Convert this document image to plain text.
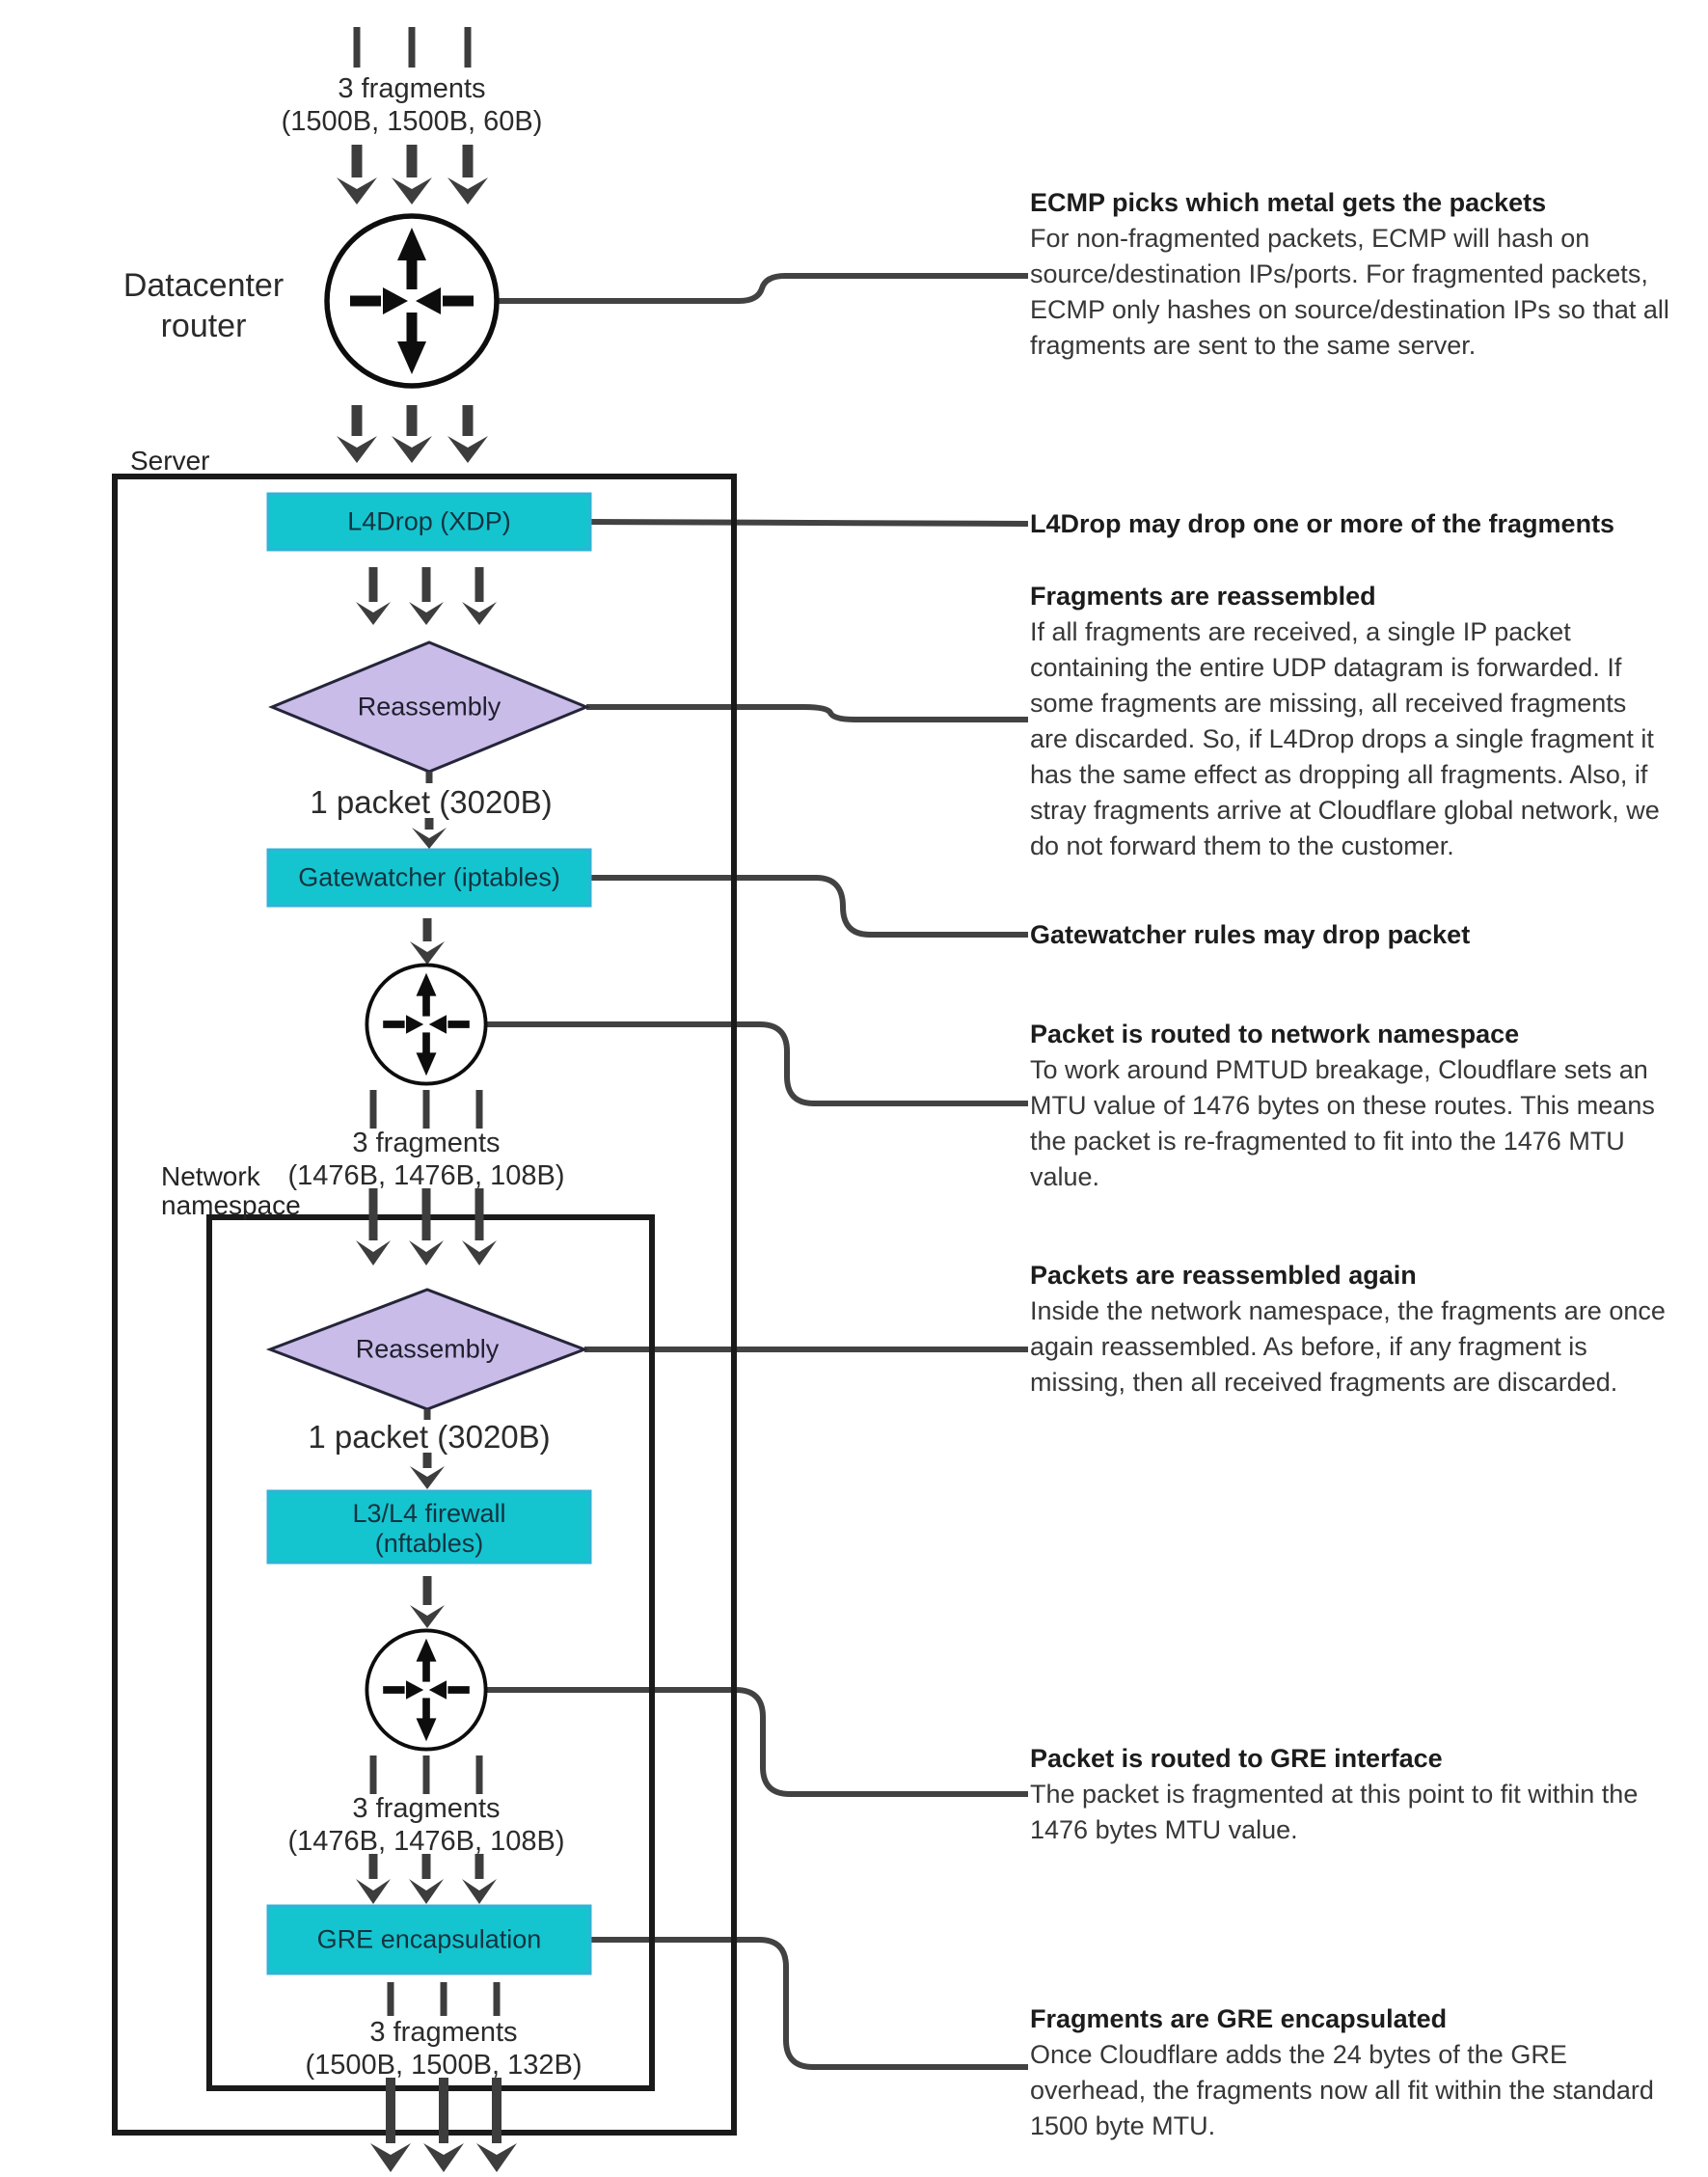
3 fragments
(1500B, 1500B, 60B)
Datacenter
router
Server
L4Drop (XDP)
Reassembly
1 packet (3020B)
Gatewatcher (iptables)
3 fragments
(1476B, 1476B, 108B)
Network
namespace
Reassembly
1 packet (3020B)
L3/L4 firewall
(nftables)
3 fragments
(1476B, 1476B, 108B)
GRE encapsulation
3 fragments
(1500B, 1500B, 132B)
ECMP picks which metal gets the packets
For non-fragmented packets, ECMP will hash on
source/destination IPs/ports. For fragmented packets,
ECMP only hashes on source/destination IPs so that all
fragments are sent to the same server.
L4Drop may drop one or more of the fragments
Fragments are reassembled
If all fragments are received, a single IP packet
containing the entire UDP datagram is forwarded. If
some fragments are missing, all received fragments
are discarded. So, if L4Drop drops a single fragment it
has the same effect as dropping all fragments. Also, if
stray fragments arrive at Cloudflare global network, we
do not forward them to the customer.
Gatewatcher rules may drop packet
Packet is routed to network namespace
To work around PMTUD breakage, Cloudflare sets an
MTU value of 1476 bytes on these routes. This means
the packet is re-fragmented to fit into the 1476 MTU
value.
Packets are reassembled again
Inside the network namespace, the fragments are once
again reassembled. As before, if any fragment is
missing, then all received fragments are discarded.
Packet is routed to GRE interface
The packet is fragmented at this point to fit within the
1476 bytes MTU value.
Fragments are GRE encapsulated
Once Cloudflare adds the 24 bytes of the GRE
overhead, the fragments now all fit within the standard
1500 byte MTU.
